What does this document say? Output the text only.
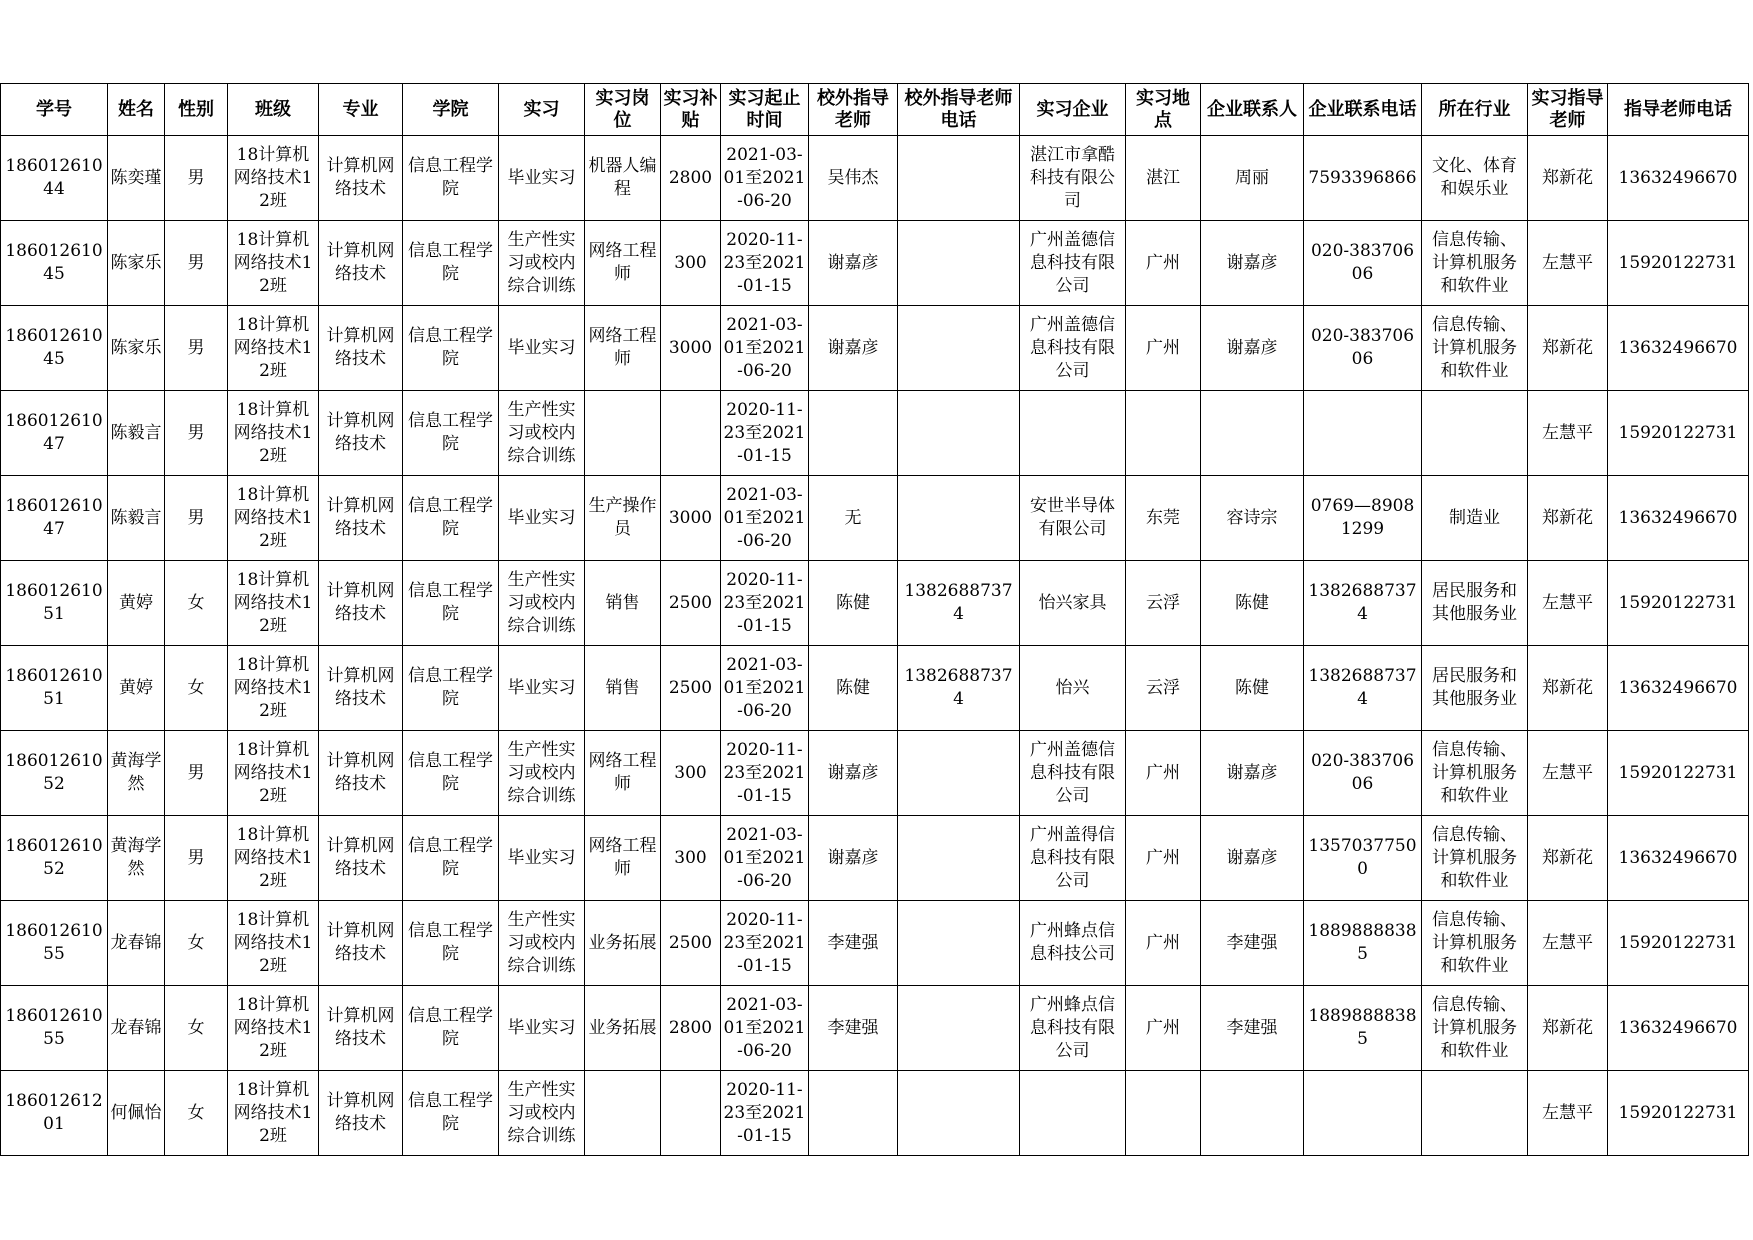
学号	姓名	性别	班级	专业	学院	实习	实习岗位	实习补贴	实习起止时间	校外指导老师	校外指导老师电话	实习企业	实习地点	企业联系人	企业联系电话	所在行业	实习指导老师	指导老师电话

18601261044	陈奕瑾	男	18计算机网络技术12班	计算机网络技术	信息工程学院	毕业实习	机器人编程	2800	2021-03-01至2021-06-20	吴伟杰		湛江市拿酷科技有限公司	湛江	周丽	7593396866	文化、体育和娱乐业	郑新花	13632496670

18601261045	陈家乐	男	18计算机网络技术12班	计算机网络技术	信息工程学院	生产性实习或校内综合训练	网络工程师	300	2020-11-23至2021-01-15	谢嘉彦		广州盖德信息科技有限公司	广州	谢嘉彦	020-38370606	信息传输、计算机服务和软件业	左慧平	15920122731

18601261045	陈家乐	男	18计算机网络技术12班	计算机网络技术	信息工程学院	毕业实习	网络工程师	3000	2021-03-01至2021-06-20	谢嘉彦		广州盖德信息科技有限公司	广州	谢嘉彦	020-38370606	信息传输、计算机服务和软件业	郑新花	13632496670

18601261047	陈毅言	男	18计算机网络技术12班	计算机网络技术	信息工程学院	生产性实习或校内综合训练			2020-11-23至2021-01-15								左慧平	15920122731

18601261047	陈毅言	男	18计算机网络技术12班	计算机网络技术	信息工程学院	毕业实习	生产操作员	3000	2021-03-01至2021-06-20	无		安世半导体有限公司	东莞	容诗宗	0769—89081299	制造业	郑新花	13632496670

18601261051	黄婷	女	18计算机网络技术12班	计算机网络技术	信息工程学院	生产性实习或校内综合训练	销售	2500	2020-11-23至2021-01-15	陈健	13826887374	怡兴家具	云浮	陈健	13826887374	居民服务和其他服务业	左慧平	15920122731

18601261051	黄婷	女	18计算机网络技术12班	计算机网络技术	信息工程学院	毕业实习	销售	2500	2021-03-01至2021-06-20	陈健	13826887374	怡兴	云浮	陈健	13826887374	居民服务和其他服务业	郑新花	13632496670

18601261052	黄海学然	男	18计算机网络技术12班	计算机网络技术	信息工程学院	生产性实习或校内综合训练	网络工程师	300	2020-11-23至2021-01-15	谢嘉彦		广州盖德信息科技有限公司	广州	谢嘉彦	020-38370606	信息传输、计算机服务和软件业	左慧平	15920122731

18601261052	黄海学然	男	18计算机网络技术12班	计算机网络技术	信息工程学院	毕业实习	网络工程师	300	2021-03-01至2021-06-20	谢嘉彦		广州盖得信息科技有限公司	广州	谢嘉彦	13570377500	信息传输、计算机服务和软件业	郑新花	13632496670

18601261055	龙春锦	女	18计算机网络技术12班	计算机网络技术	信息工程学院	生产性实习或校内综合训练	业务拓展	2500	2020-11-23至2021-01-15	李建强		广州蜂点信息科技公司	广州	李建强	18898888385	信息传输、计算机服务和软件业	左慧平	15920122731

18601261055	龙春锦	女	18计算机网络技术12班	计算机网络技术	信息工程学院	毕业实习	业务拓展	2800	2021-03-01至2021-06-20	李建强		广州蜂点信息科技有限公司	广州	李建强	18898888385	信息传输、计算机服务和软件业	郑新花	13632496670

18601261201	何佩怡	女	18计算机网络技术12班	计算机网络技术	信息工程学院	生产性实习或校内综合训练			2020-11-23至2021-01-15								左慧平	15920122731
